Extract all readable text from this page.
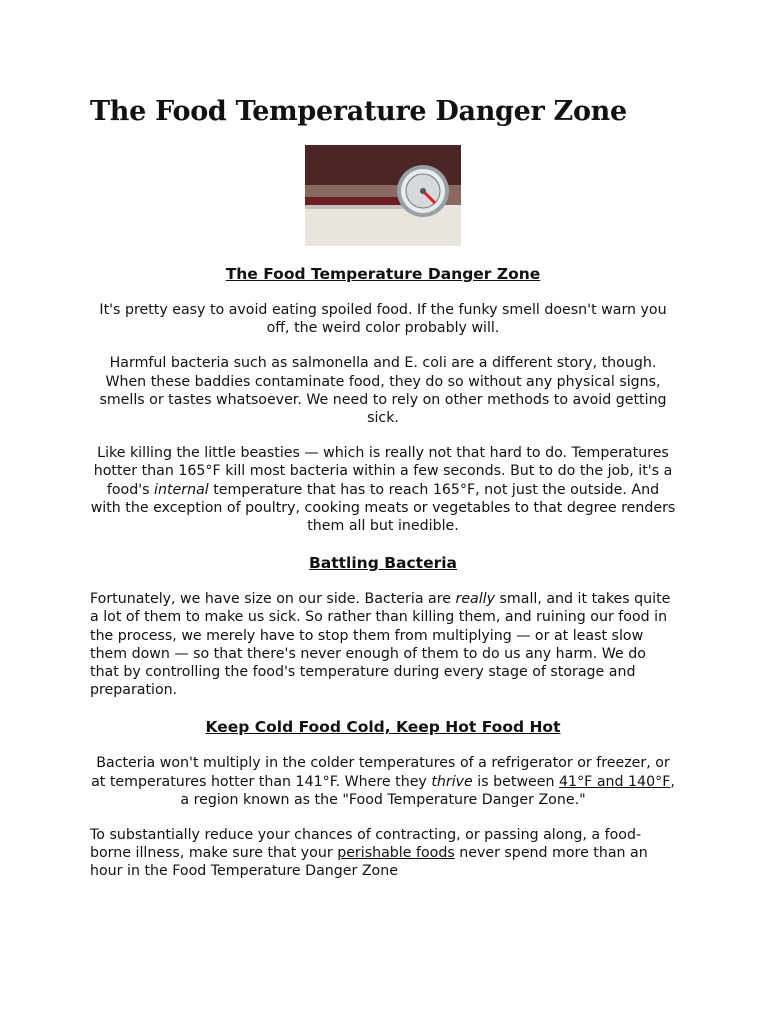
The Food Temperature Danger Zone
The Food Temperature Danger Zone

It's pretty easy to avoid eating spoiled food. If the funky smell doesn't warn you off, the weird color probably will.

Harmful bacteria such as salmonella and E. coli are a different story, though. When these baddies contaminate food, they do so without any physical signs, smells or tastes whatsoever. We need to rely on other methods to avoid getting sick.

Like killing the little beasties — which is really not that hard to do. Temperatures hotter than 165°F kill most bacteria within a few seconds. But to do the job, it's a food's internal temperature that has to reach 165°F, not just the outside. And with the exception of poultry, cooking meats or vegetables to that degree renders them all but inedible.

Battling Bacteria

Fortunately, we have size on our side. Bacteria are really small, and it takes quite a lot of them to make us sick. So rather than killing them, and ruining our food in the process, we merely have to stop them from multiplying — or at least slow them down — so that there's never enough of them to do us any harm. We do that by controlling the food's temperature during every stage of storage and preparation.

Keep Cold Food Cold, Keep Hot Food Hot

Bacteria won't multiply in the colder temperatures of a refrigerator or freezer, or at temperatures hotter than 141°F. Where they thrive is between 41°F and 140°F, a region known as the "Food Temperature Danger Zone."

To substantially reduce your chances of contracting, or passing along, a food-borne illness, make sure that your perishable foods never spend more than an hour in the Food Temperature Danger Zone
